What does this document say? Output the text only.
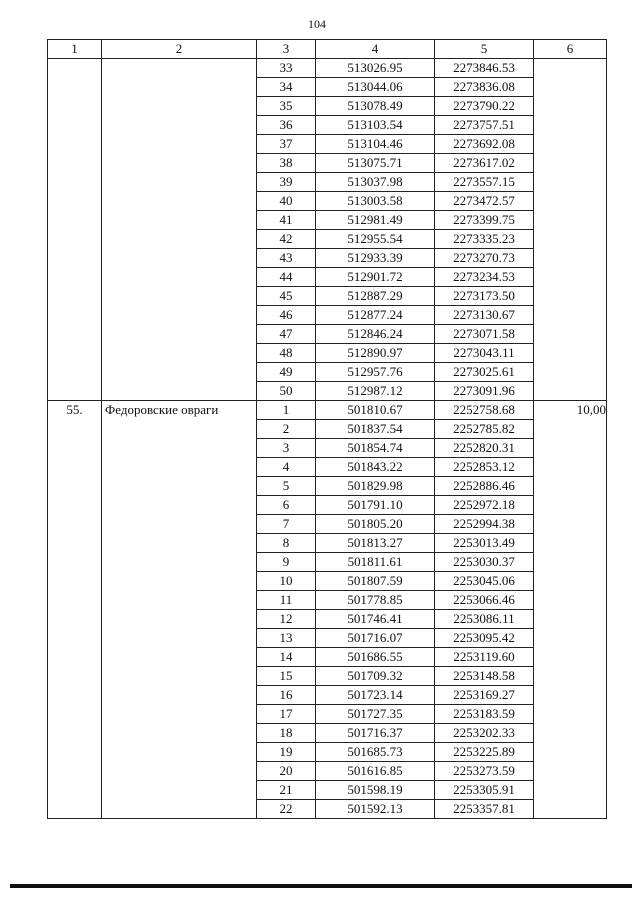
104
1	2	3	4	5	6
		33	513026.95	2273846.53	
		34	513044.06	2273836.08	
		35	513078.49	2273790.22	
		36	513103.54	2273757.51	
		37	513104.46	2273692.08	
		38	513075.71	2273617.02	
		39	513037.98	2273557.15	
		40	513003.58	2273472.57	
		41	512981.49	2273399.75	
		42	512955.54	2273335.23	
		43	512933.39	2273270.73	
		44	512901.72	2273234.53	
		45	512887.29	2273173.50	
		46	512877.24	2273130.67	
		47	512846.24	2273071.58	
		48	512890.97	2273043.11	
		49	512957.76	2273025.61	
		50	512987.12	2273091.96	
55.	Федоровские овраги	1	501810.67	2252758.68	10,00
		2	501837.54	2252785.82	
		3	501854.74	2252820.31	
		4	501843.22	2252853.12	
		5	501829.98	2252886.46	
		6	501791.10	2252972.18	
		7	501805.20	2252994.38	
		8	501813.27	2253013.49	
		9	501811.61	2253030.37	
		10	501807.59	2253045.06	
		11	501778.85	2253066.46	
		12	501746.41	2253086.11	
		13	501716.07	2253095.42	
		14	501686.55	2253119.60	
		15	501709.32	2253148.58	
		16	501723.14	2253169.27	
		17	501727.35	2253183.59	
		18	501716.37	2253202.33	
		19	501685.73	2253225.89	
		20	501616.85	2253273.59	
		21	501598.19	2253305.91	
		22	501592.13	2253357.81	
